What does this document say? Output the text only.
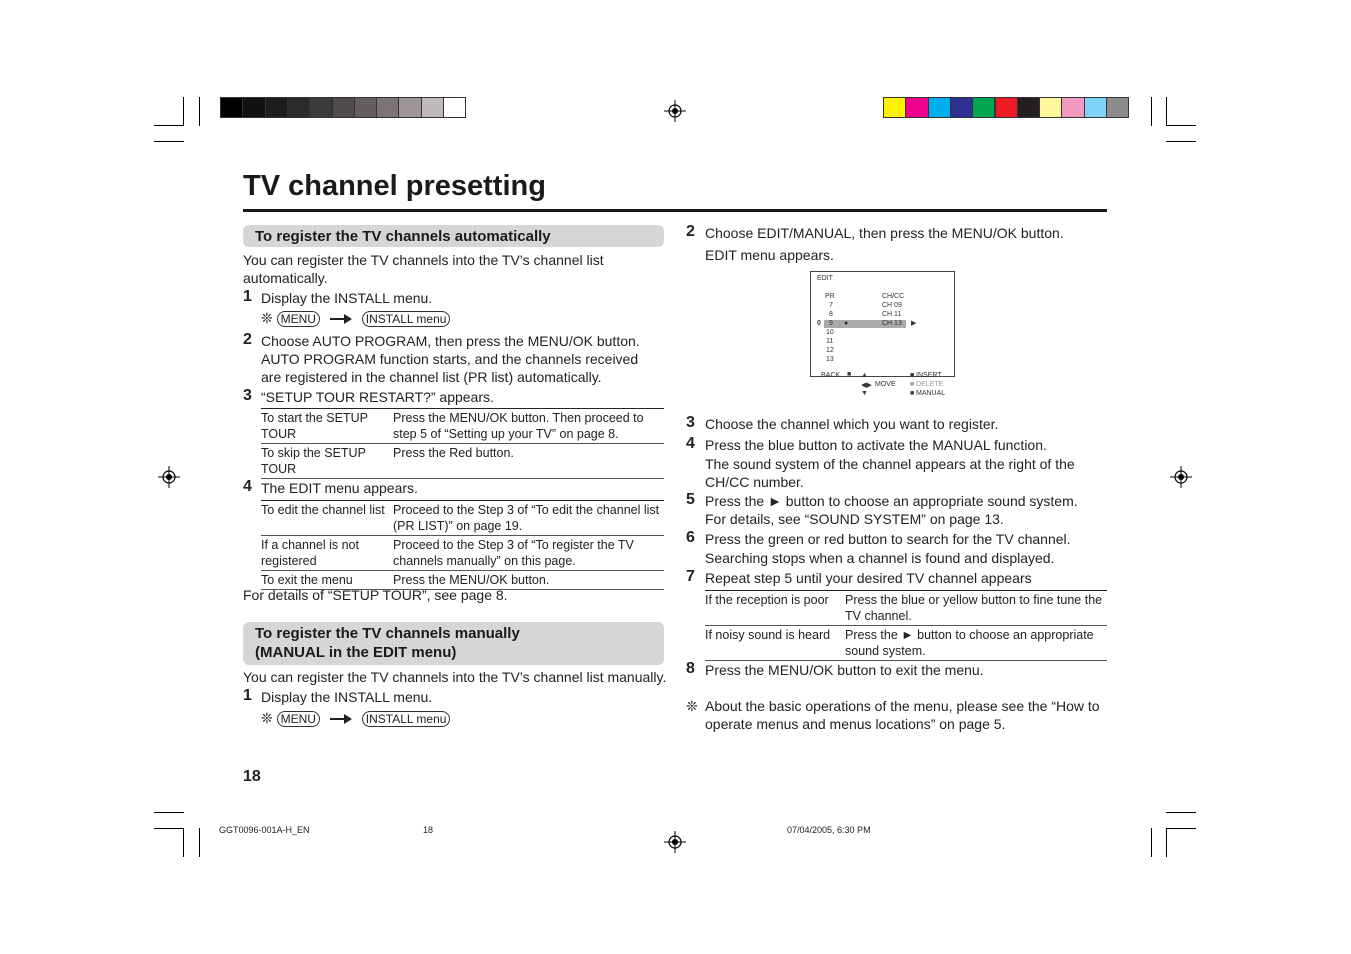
TV channel presetting
To register the TV channels automatically
You can register the TV channels into the TV’s channel list automatically.
1 Display the INSTALL menu.
❊ MENU	INSTALL menu
2 Choose AUTO PROGRAM, then press the MENU/OK button. AUTO PROGRAM function starts, and the channels received are registered in the channel list (PR list) automatically.
3 “SETUP TOUR RESTART?” appears.
To start the SETUP TOUR	Press the MENU/OK button. Then proceed to step 5 of “Setting up your TV” on page 8.
To skip the SETUP TOUR	Press the Red button.
4 The EDIT menu appears.
To edit the channel list	Proceed to the Step 3 of “To edit the channel list (PR LIST)” on page 19.
If a channel is not registered	Proceed to the Step 3 of “To register the TV channels manually” on this page.
To exit the menu	Press the MENU/OK button.
For details of “SETUP TOUR”, see page 8.
To register the TV channels manually
(MANUAL in the EDIT menu)
You can register the TV channels into the TV’s channel list manually.
1 Display the INSTALL menu.
❊ MENU	INSTALL menu
18
2 Choose EDIT/MANUAL, then press the MENU/OK button.
EDIT menu appears.
EDIT
PR	CH/CC
0	●
7	CH 09
8	CH 11
9	CH 13 ▶
10
11
12
13
BACK ■ ▲
◀▶ MOVE
▼
■ INSERT
■ DELETE
■ MANUAL
3 Choose the channel which you want to register.
4 Press the blue button to activate the MANUAL function.
The sound system of the channel appears at the right of the CH/CC number.
5 Press the ► button to choose an appropriate sound system.
For details, see “SOUND SYSTEM” on page 13.
6 Press the green or red button to search for the TV channel.
Searching stops when a channel is found and displayed.
7 Repeat step 5 until your desired TV channel appears
If the reception is poor	Press the blue or yellow button to fine tune the TV channel.
If noisy sound is heard	Press the ► button to choose an appropriate sound system.
8 Press the MENU/OK button to exit the menu.
❊ About the basic operations of the menu, please see the “How to operate menus and menus locations” on page 5.
GGT0096-001A-H_EN	18	07/04/2005, 6:30 PM
